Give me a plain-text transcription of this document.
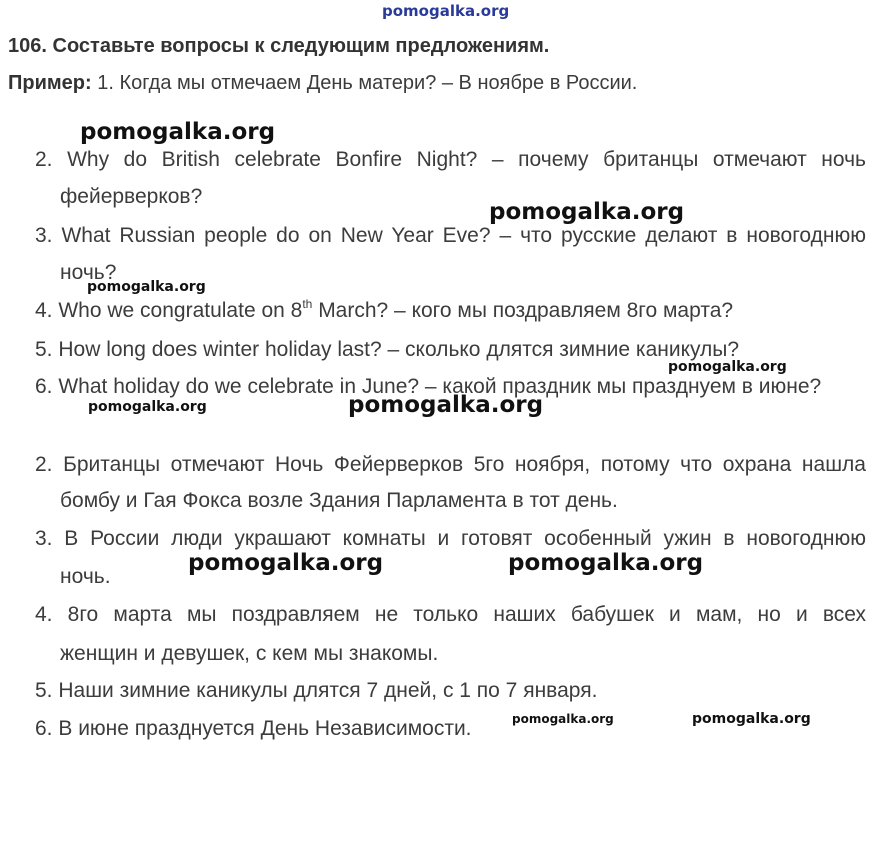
pomogalka.org
106. Составьте вопросы к следующим предложениям.
Пример: 1. Когда мы отмечаем День матери? – В ноябре в России.
2. Why do British celebrate Bonfire Night? – почему британцы отмечают ночь
фейерверков?
3. What Russian people do on New Year Eve? – что русские делают в новогоднюю
ночь?
4. Who we congratulate on 8th March? – кого мы поздравляем 8го марта?
5. How long does winter holiday last? – сколько длятся зимние каникулы?
6. What holiday do we celebrate in June? – какой праздник мы празднуем в июне?
2. Британцы отмечают Ночь Фейерверков 5го ноября, потому что охрана нашла
бомбу и Гая Фокса возле Здания Парламента в тот день.
3. В России люди украшают комнаты и готовят особенный ужин в новогоднюю
ночь.
4. 8го марта мы поздравляем не только наших бабушек и мам, но и всех
женщин и девушек, с кем мы знакомы.
5. Наши зимние каникулы длятся 7 дней, с 1 по 7 января.
6. В июне празднуется День Независимости.
pomogalka.org
pomogalka.org
pomogalka.org
pomogalka.org
pomogalka.org	pomogalka.org
pomogalka.org	pomogalka.org
pomogalka.org	pomogalka.org
